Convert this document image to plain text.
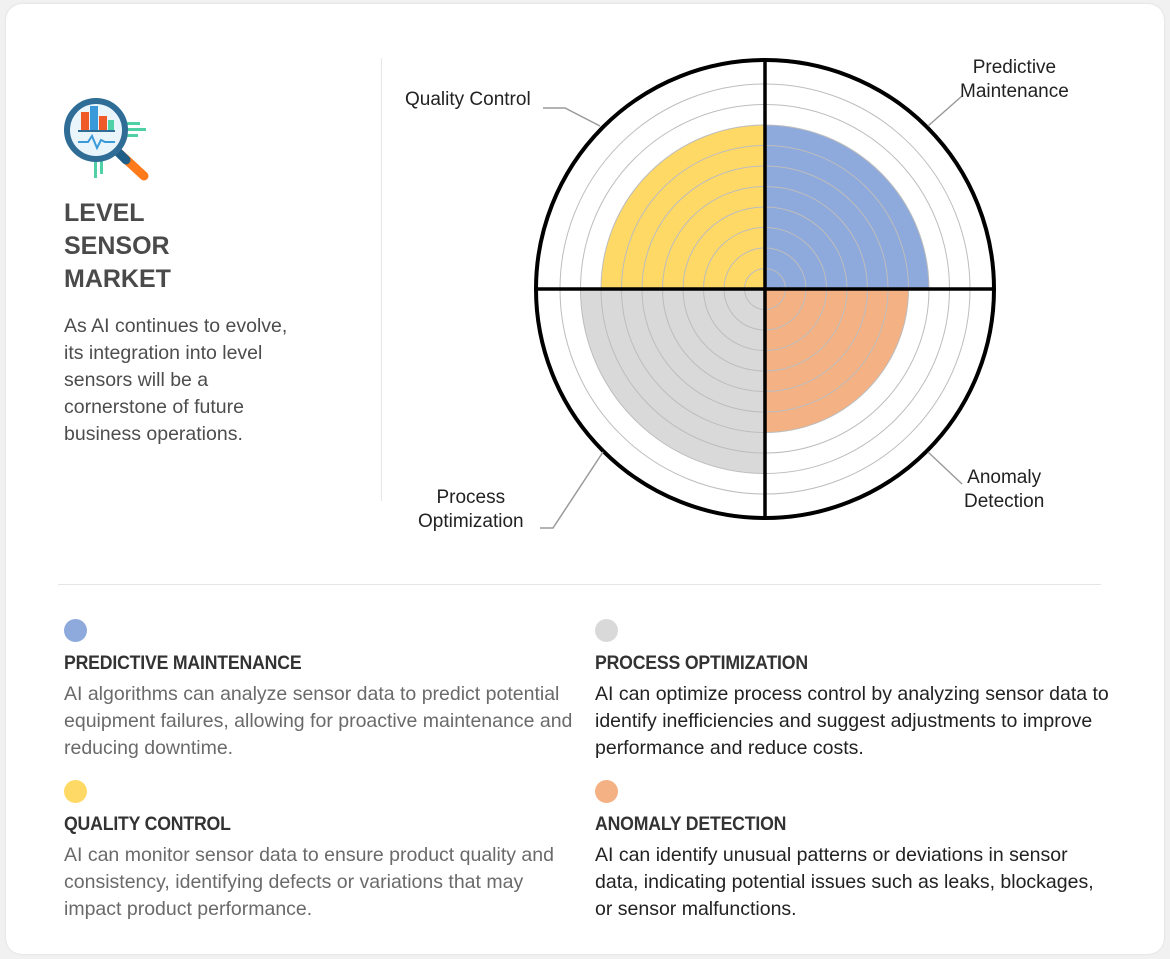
LEVEL
SENSOR
MARKET

As AI continues to evolve, its integration into level sensors will be a cornerstone of future business operations.

Quality Control
Predictive
Maintenance
Anomaly
Detection
Process
Optimization
PREDICTIVE MAINTENANCE

AI algorithms can analyze sensor data to predict potential equipment failures, allowing for proactive maintenance and reducing downtime.

PROCESS OPTIMIZATION

AI can optimize process control by analyzing sensor data to identify inefficiencies and suggest adjustments to improve performance and reduce costs.

QUALITY CONTROL

AI can monitor sensor data to ensure product quality and consistency, identifying defects or variations that may impact product performance.

ANOMALY DETECTION

AI can identify unusual patterns or deviations in sensor data, indicating potential issues such as leaks, blockages, or sensor malfunctions.
